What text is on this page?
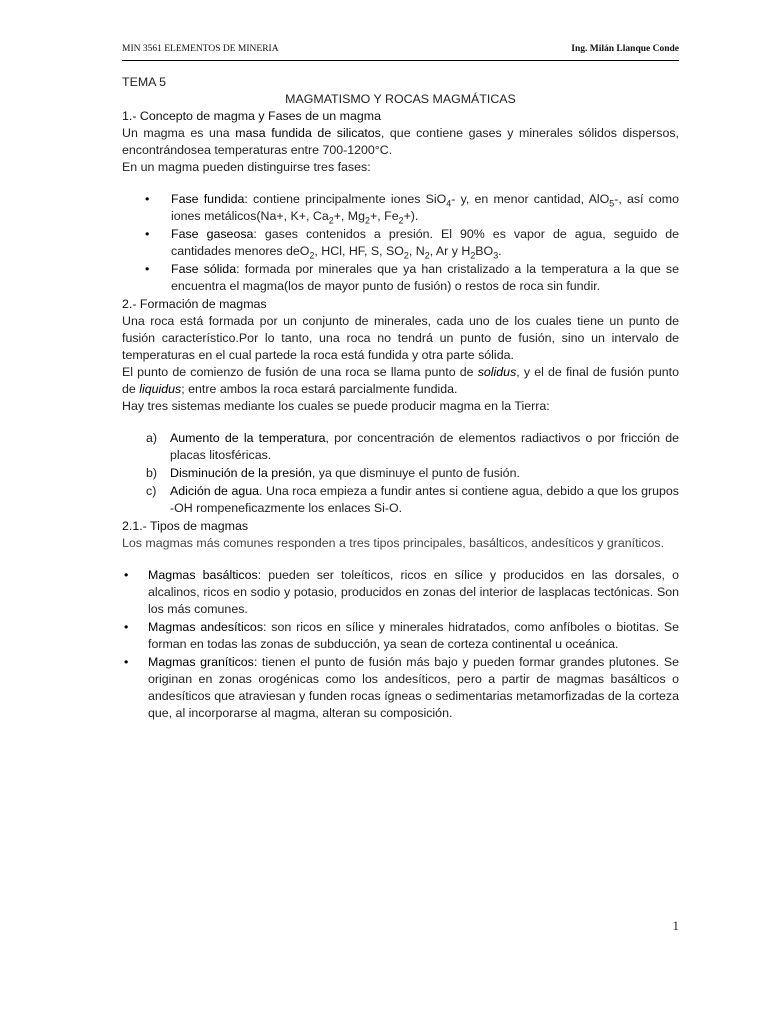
MIN 3561 ELEMENTOS DE MINERIA	Ing. Milán Llanque Conde

TEMA 5

MAGMATISMO Y ROCAS MAGMÁTICAS

1.- Concepto de magma y Fases de un magma

Un magma es una masa fundida de silicatos, que contiene gases y minerales sólidos dispersos, encontrándosea temperaturas entre 700-1200°C.

En un magma pueden distinguirse tres fases:

• Fase fundida: contiene principalmente iones SiO$_4$- y, en menor cantidad, AlO$_5$-, así como iones metálicos(Na+, K+, $Ca_2+$, $Mg_2+$, $Fe_2+$).
• Fase gaseosa: gases contenidos a presión. El 90% es vapor de agua, seguido de cantidades menores deO$_2$, HCl, HF, S, $SO_2$, $N_2$, Ar y $H_2BO_3$.
• Fase sólida: formada por minerales que ya han cristalizado a la temperatura a la que se encuentra el magma(los de mayor punto de fusión) o restos de roca sin fundir.

2.- Formación de magmas

Una roca está formada por un conjunto de minerales, cada uno de los cuales tiene un punto de fusión característico.Por lo tanto, una roca no tendrá un punto de fusión, sino un intervalo de temperaturas en el cual partede la roca está fundida y otra parte sólida.

El punto de comienzo de fusión de una roca se llama punto de solidus, y el de final de fusión punto de liquidus; entre ambos la roca estará parcialmente fundida.

Hay tres sistemas mediante los cuales se puede producir magma en la Tierra:

a) Aumento de la temperatura, por concentración de elementos radiactivos o por fricción de placas litosféricas.
b) Disminución de la presión, ya que disminuye el punto de fusión.
c) Adición de agua. Una roca empieza a fundir antes si contiene agua, debido a que los grupos -OH rompeneficazmente los enlaces Si-O.

2.1.- Tipos de magmas

Los magmas más comunes responden a tres tipos principales, basálticos, andesíticos y graníticos.

• Magmas basálticos: pueden ser toleíticos, ricos en sílice y producidos en las dorsales, o alcalinos, ricos en sodio y potasio, producidos en zonas del interior de lasplacas tectónicas. Son los más comunes.
• Magmas andesíticos: son ricos en sílice y minerales hidratados, como anfíboles o biotitas. Se forman en todas las zonas de subducción, ya sean de corteza continental u oceánica.
• Magmas graníticos: tienen el punto de fusión más bajo y pueden formar grandes plutones. Se originan en zonas orogénicas como los andesíticos, pero a partir de magmas basálticos o andesíticos que atraviesan y funden rocas ígneas o sedimentarias metamorfizadas de la corteza que, al incorporarse al magma, alteran su composición.
1
